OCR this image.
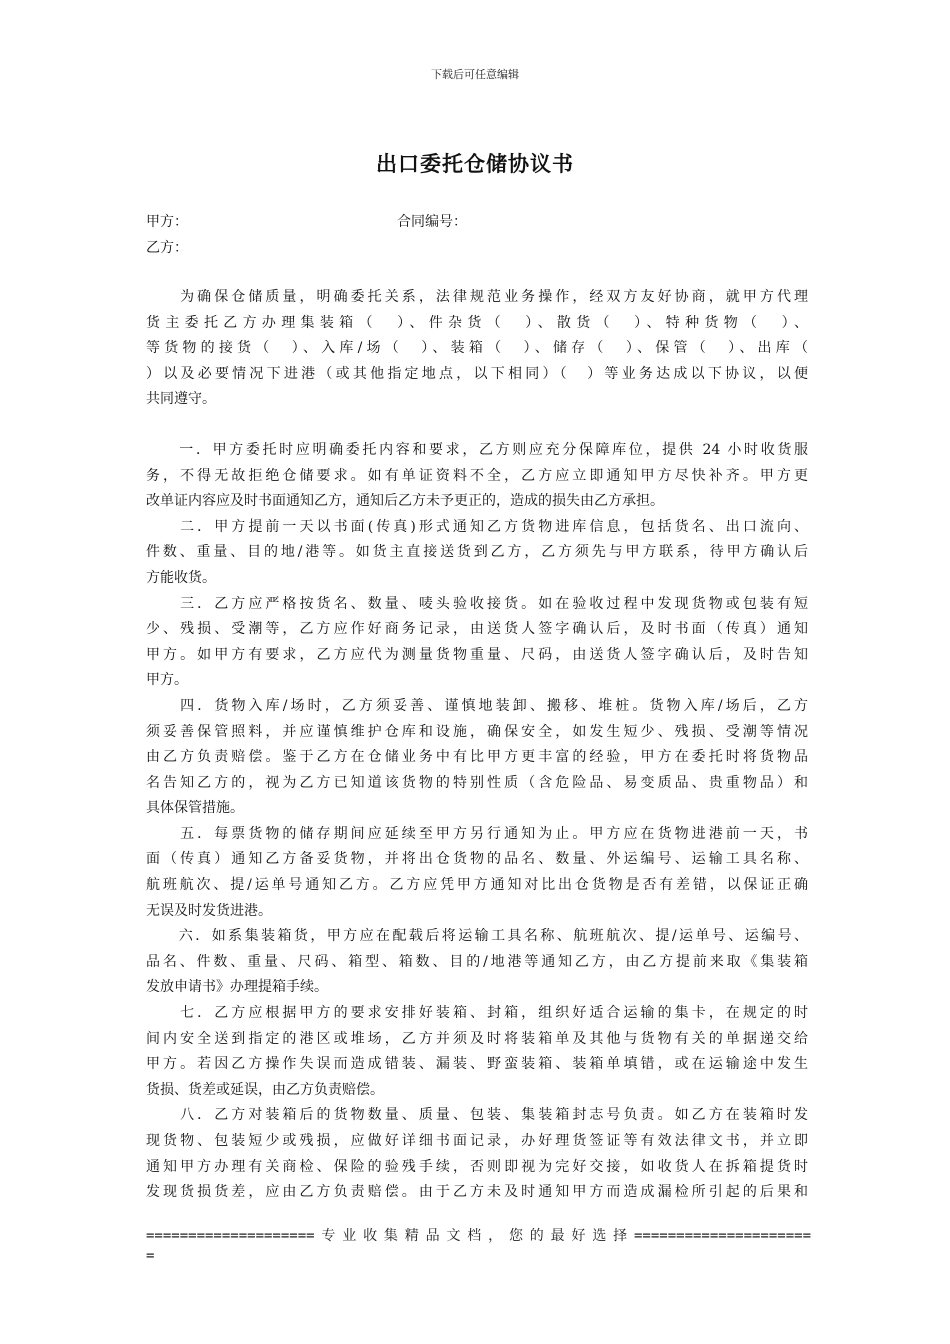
下载后可任意编辑
出口委托仓储协议书
甲方：	合同编号：
乙方：
　　为确保仓储质量，明确委托关系，法律规范业务操作，经双方友好协商，就甲方代理
货主委托乙方办理集装箱（　）、件杂货（　）、散货（　）、特种货物（　）、
等货物的接货（　）、入库/场（　）、装箱（　）、储存（　）、保管（　）、出库（
）以及必要情况下进港（或其他指定地点，以下相同）（　）等业务达成以下协议，以便
共同遵守。
　　一．甲方委托时应明确委托内容和要求，乙方则应充分保障库位，提供 24 小时收货服
务，不得无故拒绝仓储要求。如有单证资料不全，乙方应立即通知甲方尽快补齐。甲方更
改单证内容应及时书面通知乙方，通知后乙方未予更正的，造成的损失由乙方承担。
　　二．甲方提前一天以书面(传真)形式通知乙方货物进库信息，包括货名、出口流向、
件数、重量、目的地/港等。如货主直接送货到乙方，乙方须先与甲方联系，待甲方确认后
方能收货。
　　三．乙方应严格按货名、数量、唛头验收接货。如在验收过程中发现货物或包装有短
少、残损、受潮等，乙方应作好商务记录，由送货人签字确认后，及时书面（传真）通知
甲方。如甲方有要求，乙方应代为测量货物重量、尺码，由送货人签字确认后，及时告知
甲方。
　　四．货物入库/场时，乙方须妥善、谨慎地装卸、搬移、堆桩。货物入库/场后，乙方
须妥善保管照料，并应谨慎维护仓库和设施，确保安全，如发生短少、残损、受潮等情况
由乙方负责赔偿。鉴于乙方在仓储业务中有比甲方更丰富的经验，甲方在委托时将货物品
名告知乙方的，视为乙方已知道该货物的特别性质（含危险品、易变质品、贵重物品）和
具体保管措施。
　　五．每票货物的储存期间应延续至甲方另行通知为止。甲方应在货物进港前一天，书
面（传真）通知乙方备妥货物，并将出仓货物的品名、数量、外运编号、运输工具名称、
航班航次、提/运单号通知乙方。乙方应凭甲方通知对比出仓货物是否有差错，以保证正确
无误及时发货进港。
　　六．如系集装箱货，甲方应在配载后将运输工具名称、航班航次、提/运单号、运编号、
品名、件数、重量、尺码、箱型、箱数、目的/地港等通知乙方，由乙方提前来取《集装箱
发放申请书》办理提箱手续。
　　七．乙方应根据甲方的要求安排好装箱、封箱，组织好适合运输的集卡，在规定的时
间内安全送到指定的港区或堆场，乙方并须及时将装箱单及其他与货物有关的单据递交给
甲方。若因乙方操作失误而造成错装、漏装、野蛮装箱、装箱单填错，或在运输途中发生
货损、货差或延误，由乙方负责赔偿。
　　八．乙方对装箱后的货物数量、质量、包装、集装箱封志号负责。如乙方在装箱时发
现货物、包装短少或残损，应做好详细书面记录，办好理货签证等有效法律文书，并立即
通知甲方办理有关商检、保险的验残手续，否则即视为完好交接，如收货人在拆箱提货时
发现货损货差，应由乙方负责赔偿。由于乙方未及时通知甲方而造成漏检所引起的后果和
====================专业收集精品文档，您的最好选择=====================
=
